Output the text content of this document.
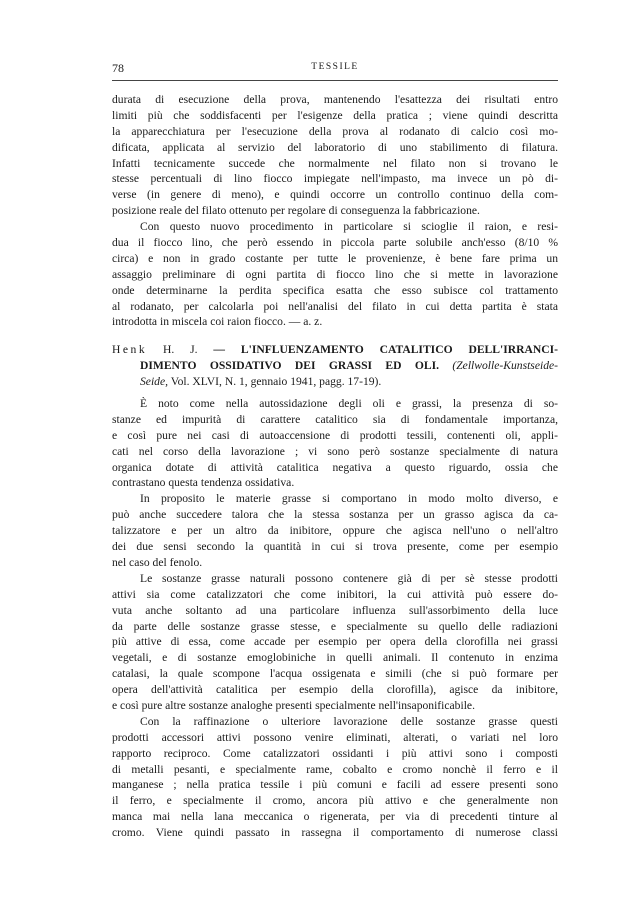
78	TESSILE
durata di esecuzione della prova, mantenendo l'esattezza dei risultati entro
limiti più che soddisfacenti per l'esigenze della pratica ; viene quindi descritta
la apparecchiatura per l'esecuzione della prova al rodanato di calcio così mo-
dificata, applicata al servizio del laboratorio di uno stabilimento di filatura.
Infatti tecnicamente succede che normalmente nel filato non si trovano le
stesse percentuali di lino fiocco impiegate nell'impasto, ma invece un pò di-
verse (in genere di meno), e quindi occorre un controllo continuo della com-
posizione reale del filato ottenuto per regolare di conseguenza la fabbricazione.
Con questo nuovo procedimento in particolare si scioglie il raion, e resi-
dua il fiocco lino, che però essendo in piccola parte solubile anch'esso (8/10 %
circa) e non in grado costante per tutte le provenienze, è bene fare prima un
assaggio preliminare di ogni partita di fiocco lino che si mette in lavorazione
onde determinarne la perdita specifica esatta che esso subisce col trattamento
al rodanato, per calcolarla poi nell'analisi del filato in cui detta partita è stata
introdotta in miscela coi raion fiocco. — a. z.
Henk H. J. — L'INFLUENZAMENTO CATALITICO DELL'IRRANCI-
DIMENTO OSSIDATIVO DEI GRASSI ED OLI. (Zellwolle-Kunstseide-
Seide, Vol. XLVI, N. 1, gennaio 1941, pagg. 17-19).
È noto come nella autossidazione degli oli e grassi, la presenza di so-
stanze ed impurità di carattere catalitico sia di fondamentale importanza,
e così pure nei casi di autoaccensione di prodotti tessili, contenenti oli, appli-
cati nel corso della lavorazione ; vi sono però sostanze specialmente di natura
organica dotate di attività catalitica negativa a questo riguardo, ossia che
contrastano questa tendenza ossidativa.
In proposito le materie grasse si comportano in modo molto diverso, e
può anche succedere talora che la stessa sostanza per un grasso agisca da ca-
talizzatore e per un altro da inibitore, oppure che agisca nell'uno o nell'altro
dei due sensi secondo la quantità in cui si trova presente, come per esempio
nel caso del fenolo.
Le sostanze grasse naturali possono contenere già di per sè stesse prodotti
attivi sia come catalizzatori che come inibitori, la cui attività può essere do-
vuta anche soltanto ad una particolare influenza sull'assorbimento della luce
da parte delle sostanze grasse stesse, e specialmente su quello delle radiazioni
più attive di essa, come accade per esempio per opera della clorofilla nei grassi
vegetali, e di sostanze emoglobiniche in quelli animali. Il contenuto in enzima
catalasi, la quale scompone l'acqua ossigenata e simili (che si può formare per
opera dell'attività catalitica per esempio della clorofilla), agisce da inibitore,
e così pure altre sostanze analoghe presenti specialmente nell'insaponificabile.
Con la raffinazione o ulteriore lavorazione delle sostanze grasse questi
prodotti accessori attivi possono venire eliminati, alterati, o variati nel loro
rapporto reciproco. Come catalizzatori ossidanti i più attivi sono i composti
di metalli pesanti, e specialmente rame, cobalto e cromo nonchè il ferro e il
manganese ; nella pratica tessile i più comuni e facili ad essere presenti sono
il ferro, e specialmente il cromo, ancora più attivo e che generalmente non
manca mai nella lana meccanica o rigenerata, per via di precedenti tinture al
cromo. Viene quindi passato in rassegna il comportamento di numerose classi
